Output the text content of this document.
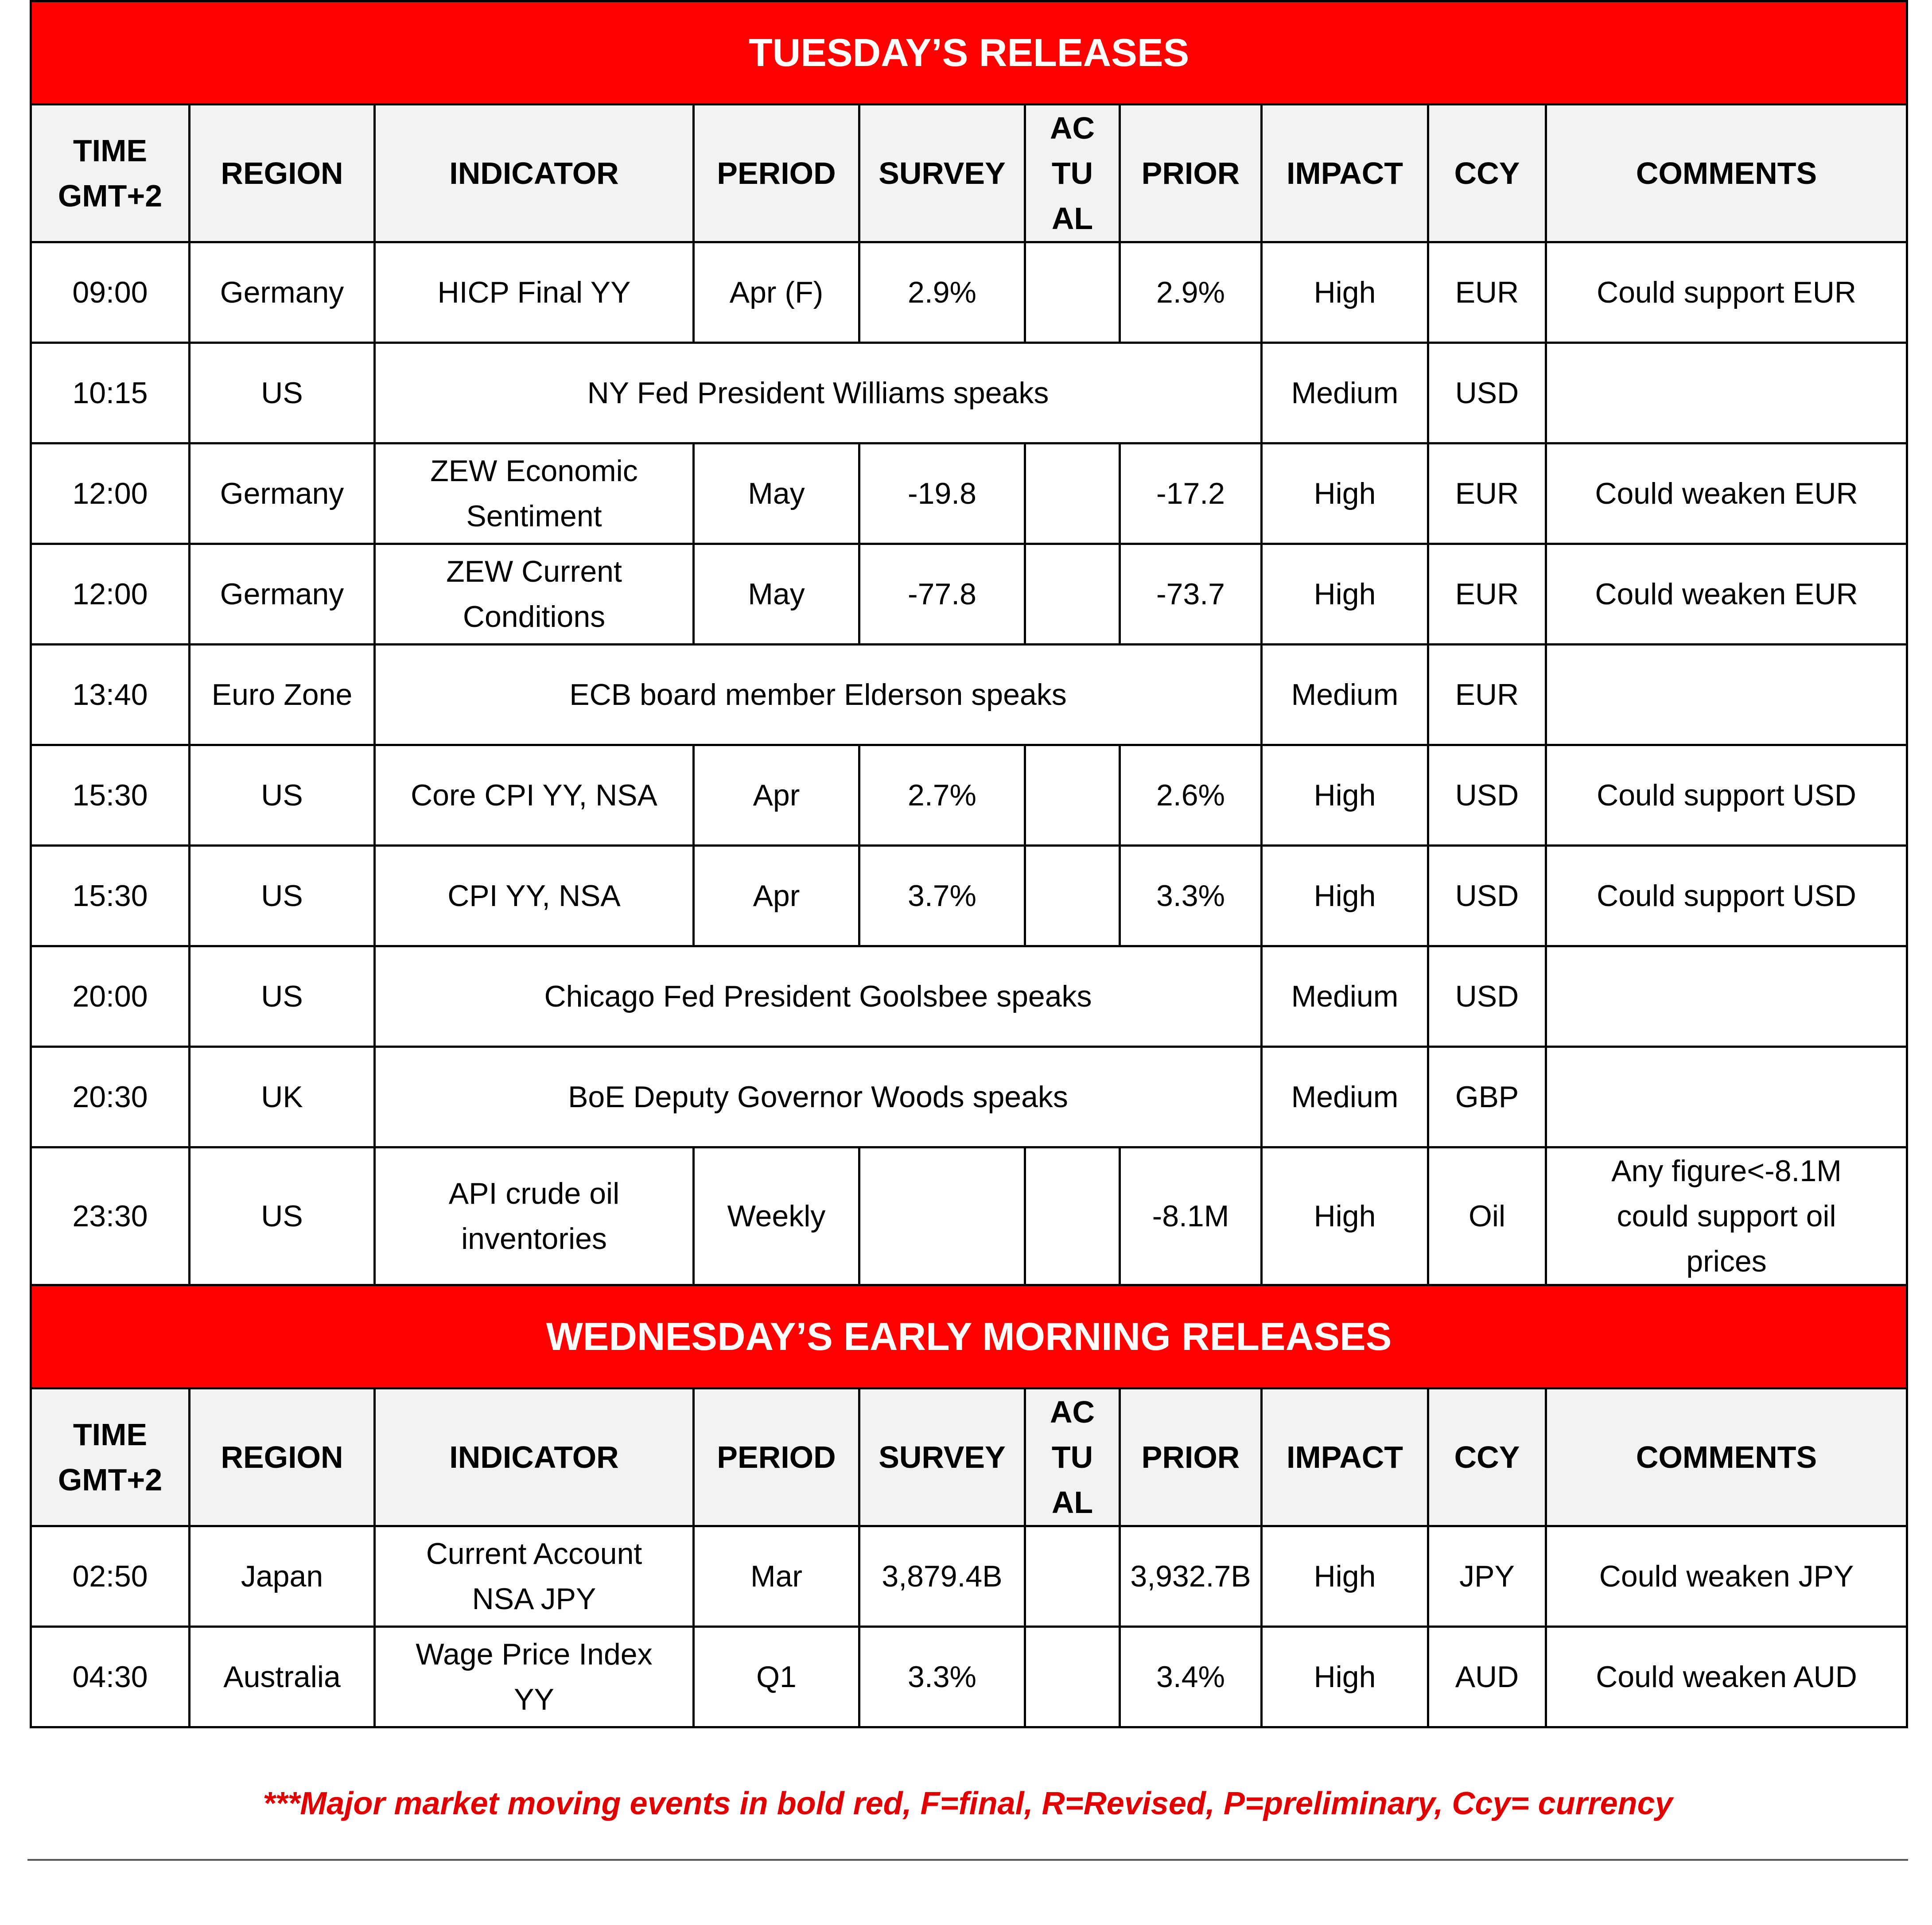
TUESDAY’S RELEASES									
TIME GMT+2	REGION	INDICATOR	PERIOD	SURVEY	AC TU AL	PRIOR	IMPACT	CCY	COMMENTS
09:00	Germany	HICP Final YY	Apr (F)	2.9%		2.9%	High	EUR	Could support EUR
10:15	US	NY Fed President Williams speaks					Medium	USD	
12:00	Germany	ZEW Economic Sentiment	May	-19.8		-17.2	High	EUR	Could weaken EUR
12:00	Germany	ZEW Current Conditions	May	-77.8		-73.7	High	EUR	Could weaken EUR
13:40	Euro Zone	ECB board member Elderson speaks					Medium	EUR	
15:30	US	Core CPI YY, NSA	Apr	2.7%		2.6%	High	USD	Could support USD
15:30	US	CPI YY, NSA	Apr	3.7%		3.3%	High	USD	Could support USD
20:00	US	Chicago Fed President Goolsbee speaks					Medium	USD	
20:30	UK	BoE Deputy Governor Woods speaks					Medium	GBP	
23:30	US	API crude oil inventories	Weekly			-8.1M	High	Oil	Any figure<-8.1M could support oil prices
WEDNESDAY’S EARLY MORNING RELEASES									
TIME GMT+2	REGION	INDICATOR	PERIOD	SURVEY	AC TU AL	PRIOR	IMPACT	CCY	COMMENTS
02:50	Japan	Current Account NSA JPY	Mar	3,879.4B		3,932.7B	High	JPY	Could weaken JPY
04:30	Australia	Wage Price Index YY	Q1	3.3%		3.4%	High	AUD	Could weaken AUD
***Major market moving events in bold red, F=final, R=Revised, P=preliminary, Ccy= currency
